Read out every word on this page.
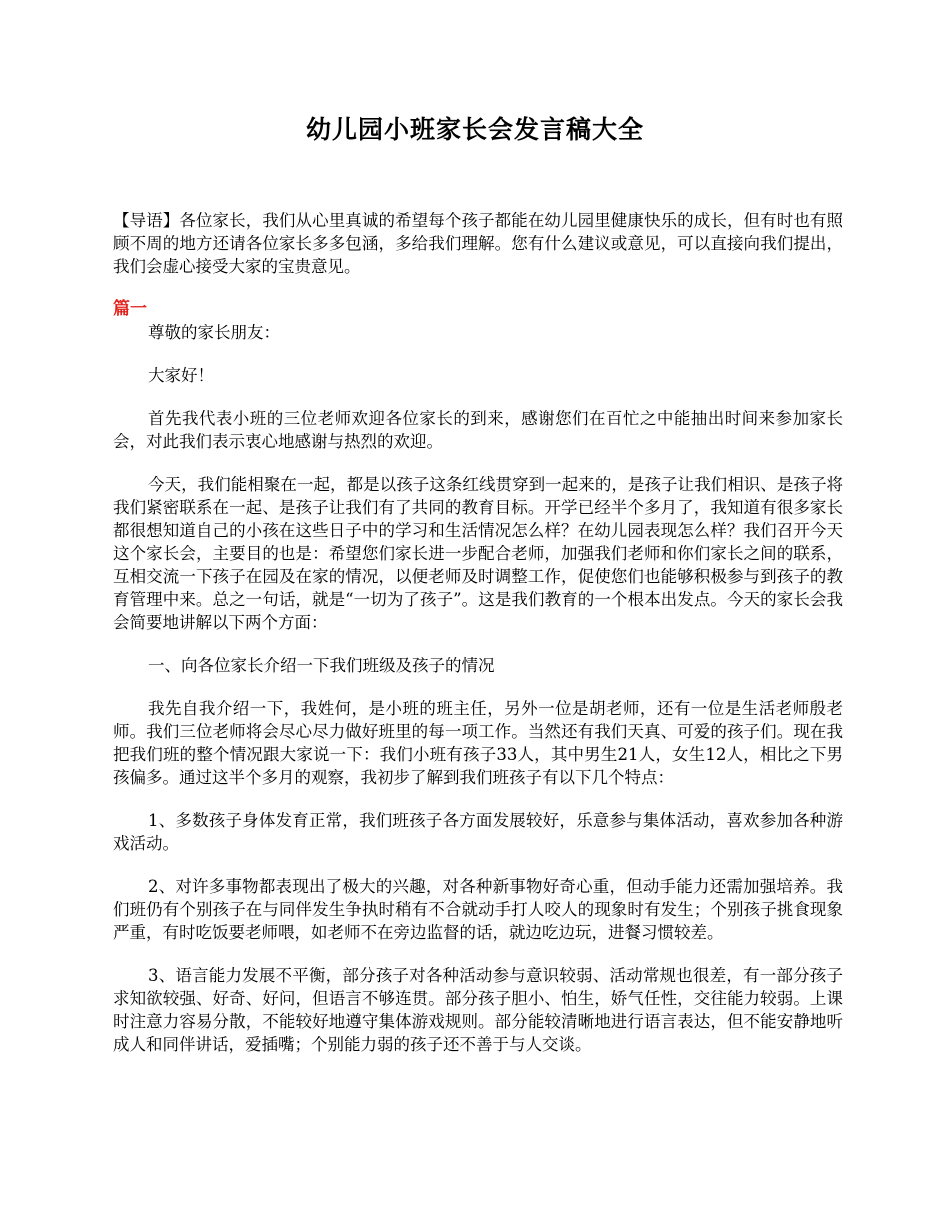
幼儿园小班家长会发言稿大全

【导语】各位家长，我们从心里真诚的希望每个孩子都能在幼儿园里健康快乐的成长，但有时也有照顾不周的地方还请各位家长多多包涵，多给我们理解。您有什么建议或意见，可以直接向我们提出，我们会虚心接受大家的宝贵意见。

篇一

尊敬的家长朋友：

大家好！

首先我代表小班的三位老师欢迎各位家长的到来，感谢您们在百忙之中能抽出时间来参加家长会，对此我们表示衷心地感谢与热烈的欢迎。

今天，我们能相聚在一起，都是以孩子这条红线贯穿到一起来的，是孩子让我们相识、是孩子将我们紧密联系在一起、是孩子让我们有了共同的教育目标。开学已经半个多月了，我知道有很多家长都很想知道自己的小孩在这些日子中的学习和生活情况怎么样？在幼儿园表现怎么样？我们召开今天这个家长会，主要目的也是：希望您们家长进一步配合老师，加强我们老师和你们家长之间的联系，互相交流一下孩子在园及在家的情况，以便老师及时调整工作，促使您们也能够积极参与到孩子的教育管理中来。总之一句话，就是“一切为了孩子”。这是我们教育的一个根本出发点。今天的家长会我会简要地讲解以下两个方面：

一、向各位家长介绍一下我们班级及孩子的情况

我先自我介绍一下，我姓何，是小班的班主任，另外一位是胡老师，还有一位是生活老师殷老师。我们三位老师将会尽心尽力做好班里的每一项工作。当然还有我们天真、可爱的孩子们。现在我把我们班的整个情况跟大家说一下：我们小班有孩子33人，其中男生21人，女生12人，相比之下男孩偏多。通过这半个多月的观察，我初步了解到我们班孩子有以下几个特点：

1、多数孩子身体发育正常，我们班孩子各方面发展较好，乐意参与集体活动，喜欢参加各种游戏活动。

2、对许多事物都表现出了极大的兴趣，对各种新事物好奇心重，但动手能力还需加强培养。我们班仍有个别孩子在与同伴发生争执时稍有不合就动手打人咬人的现象时有发生；个别孩子挑食现象严重，有时吃饭要老师喂，如老师不在旁边监督的话，就边吃边玩，进餐习惯较差。

3、语言能力发展不平衡，部分孩子对各种活动参与意识较弱、活动常规也很差，有一部分孩子求知欲较强、好奇、好问，但语言不够连贯。部分孩子胆小、怕生，娇气任性，交往能力较弱。上课时注意力容易分散，不能较好地遵守集体游戏规则。部分能较清晰地进行语言表达，但不能安静地听成人和同伴讲话，爱插嘴；个别能力弱的孩子还不善于与人交谈。
